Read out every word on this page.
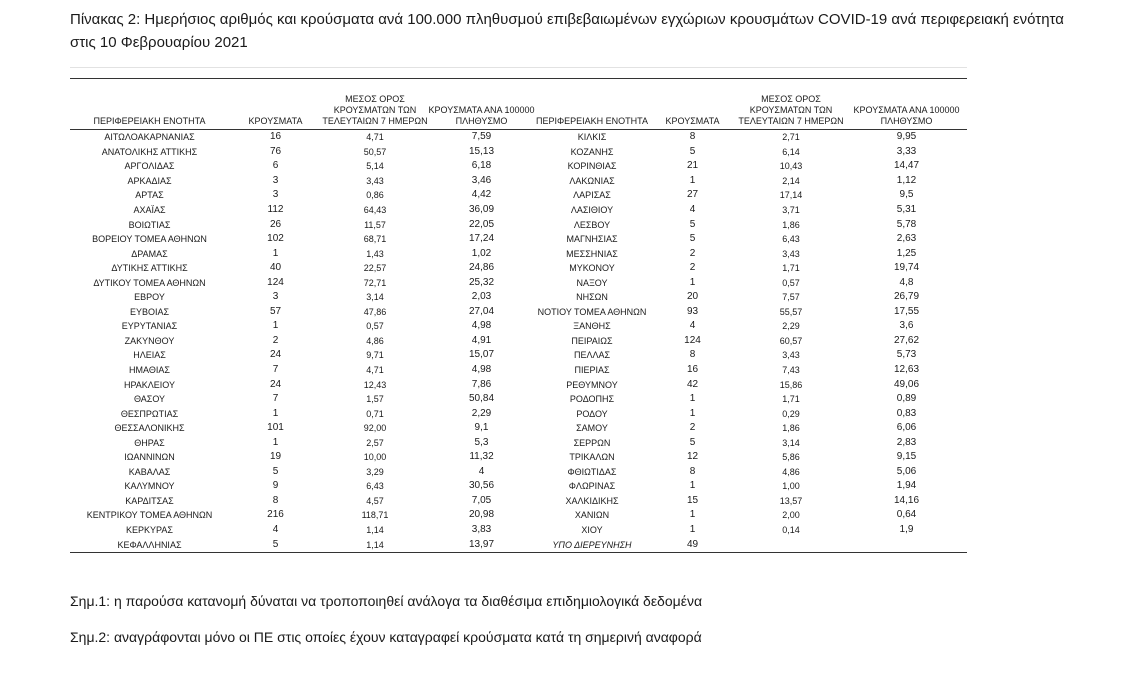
Πίνακας 2: Ημερήσιος αριθμός και κρούσματα ανά 100.000 πληθυσμού επιβεβαιωμένων εγχώριων κρουσμάτων COVID-19 ανά περιφερειακή ενότητα στις 10 Φεβρουαρίου 2021
ΠΕΡΙΦΕΡΕΙΑΚΗ ΕΝΟΤΗΤΑ	ΚΡΟΥΣΜΑΤΑ	ΜΕΣΟΣ ΟΡΟΣ ΚΡΟΥΣΜΑΤΩΝ ΤΩΝ ΤΕΛΕΥΤΑΙΩΝ 7 ΗΜΕΡΩΝ	ΚΡΟΥΣΜΑΤΑ ΑΝΑ 100000 ΠΛΗΘΥΣΜΟ	ΠΕΡΙΦΕΡΕΙΑΚΗ ΕΝΟΤΗΤΑ	ΚΡΟΥΣΜΑΤΑ	ΜΕΣΟΣ ΟΡΟΣ ΚΡΟΥΣΜΑΤΩΝ ΤΩΝ ΤΕΛΕΥΤΑΙΩΝ 7 ΗΜΕΡΩΝ	ΚΡΟΥΣΜΑΤΑ ΑΝΑ 100000 ΠΛΗΘΥΣΜΟ
ΑΙΤΩΛΟΑΚΑΡΝΑΝΙΑΣ	16	4,71	7,59	ΚΙΛΚΙΣ	8	2,71	9,95
ΑΝΑΤΟΛΙΚΗΣ ΑΤΤΙΚΗΣ	76	50,57	15,13	ΚΟΖΑΝΗΣ	5	6,14	3,33
ΑΡΓΟΛΙΔΑΣ	6	5,14	6,18	ΚΟΡΙΝΘΙΑΣ	21	10,43	14,47
ΑΡΚΑΔΙΑΣ	3	3,43	3,46	ΛΑΚΩΝΙΑΣ	1	2,14	1,12
ΑΡΤΑΣ	3	0,86	4,42	ΛΑΡΙΣΑΣ	27	17,14	9,5
ΑΧΑΪΑΣ	112	64,43	36,09	ΛΑΣΙΘΙΟΥ	4	3,71	5,31
ΒΟΙΩΤΙΑΣ	26	11,57	22,05	ΛΕΣΒΟΥ	5	1,86	5,78
ΒΟΡΕΙΟΥ ΤΟΜΕΑ ΑΘΗΝΩΝ	102	68,71	17,24	ΜΑΓΝΗΣΙΑΣ	5	6,43	2,63
ΔΡΑΜΑΣ	1	1,43	1,02	ΜΕΣΣΗΝΙΑΣ	2	3,43	1,25
ΔΥΤΙΚΗΣ ΑΤΤΙΚΗΣ	40	22,57	24,86	ΜΥΚΟΝΟΥ	2	1,71	19,74
ΔΥΤΙΚΟΥ ΤΟΜΕΑ ΑΘΗΝΩΝ	124	72,71	25,32	ΝΑΞΟΥ	1	0,57	4,8
ΕΒΡΟΥ	3	3,14	2,03	ΝΗΣΩΝ	20	7,57	26,79
ΕΥΒΟΙΑΣ	57	47,86	27,04	ΝΟΤΙΟΥ ΤΟΜΕΑ ΑΘΗΝΩΝ	93	55,57	17,55
ΕΥΡΥΤΑΝΙΑΣ	1	0,57	4,98	ΞΑΝΘΗΣ	4	2,29	3,6
ΖΑΚΥΝΘΟΥ	2	4,86	4,91	ΠΕΙΡΑΙΩΣ	124	60,57	27,62
ΗΛΕΙΑΣ	24	9,71	15,07	ΠΕΛΛΑΣ	8	3,43	5,73
ΗΜΑΘΙΑΣ	7	4,71	4,98	ΠΙΕΡΙΑΣ	16	7,43	12,63
ΗΡΑΚΛΕΙΟΥ	24	12,43	7,86	ΡΕΘΥΜΝΟΥ	42	15,86	49,06
ΘΑΣΟΥ	7	1,57	50,84	ΡΟΔΟΠΗΣ	1	1,71	0,89
ΘΕΣΠΡΩΤΙΑΣ	1	0,71	2,29	ΡΟΔΟΥ	1	0,29	0,83
ΘΕΣΣΑΛΟΝΙΚΗΣ	101	92,00	9,1	ΣΑΜΟΥ	2	1,86	6,06
ΘΗΡΑΣ	1	2,57	5,3	ΣΕΡΡΩΝ	5	3,14	2,83
ΙΩΑΝΝΙΝΩΝ	19	10,00	11,32	ΤΡΙΚΑΛΩΝ	12	5,86	9,15
ΚΑΒΑΛΑΣ	5	3,29	4	ΦΘΙΩΤΙΔΑΣ	8	4,86	5,06
ΚΑΛΥΜΝΟΥ	9	6,43	30,56	ΦΛΩΡΙΝΑΣ	1	1,00	1,94
ΚΑΡΔΙΤΣΑΣ	8	4,57	7,05	ΧΑΛΚΙΔΙΚΗΣ	15	13,57	14,16
ΚΕΝΤΡΙΚΟΥ ΤΟΜΕΑ ΑΘΗΝΩΝ	216	118,71	20,98	ΧΑΝΙΩΝ	1	2,00	0,64
ΚΕΡΚΥΡΑΣ	4	1,14	3,83	ΧΙΟΥ	1	0,14	1,9
ΚΕΦΑΛΛΗΝΙΑΣ	5	1,14	13,97	ΥΠΟ ΔΙΕΡΕΥΝΗΣΗ	49		
Σημ.1: η παρούσα κατανομή δύναται να τροποποιηθεί ανάλογα τα διαθέσιμα επιδημιολογικά δεδομένα
Σημ.2: αναγράφονται μόνο οι ΠΕ στις οποίες έχουν καταγραφεί κρούσματα κατά τη σημερινή αναφορά
